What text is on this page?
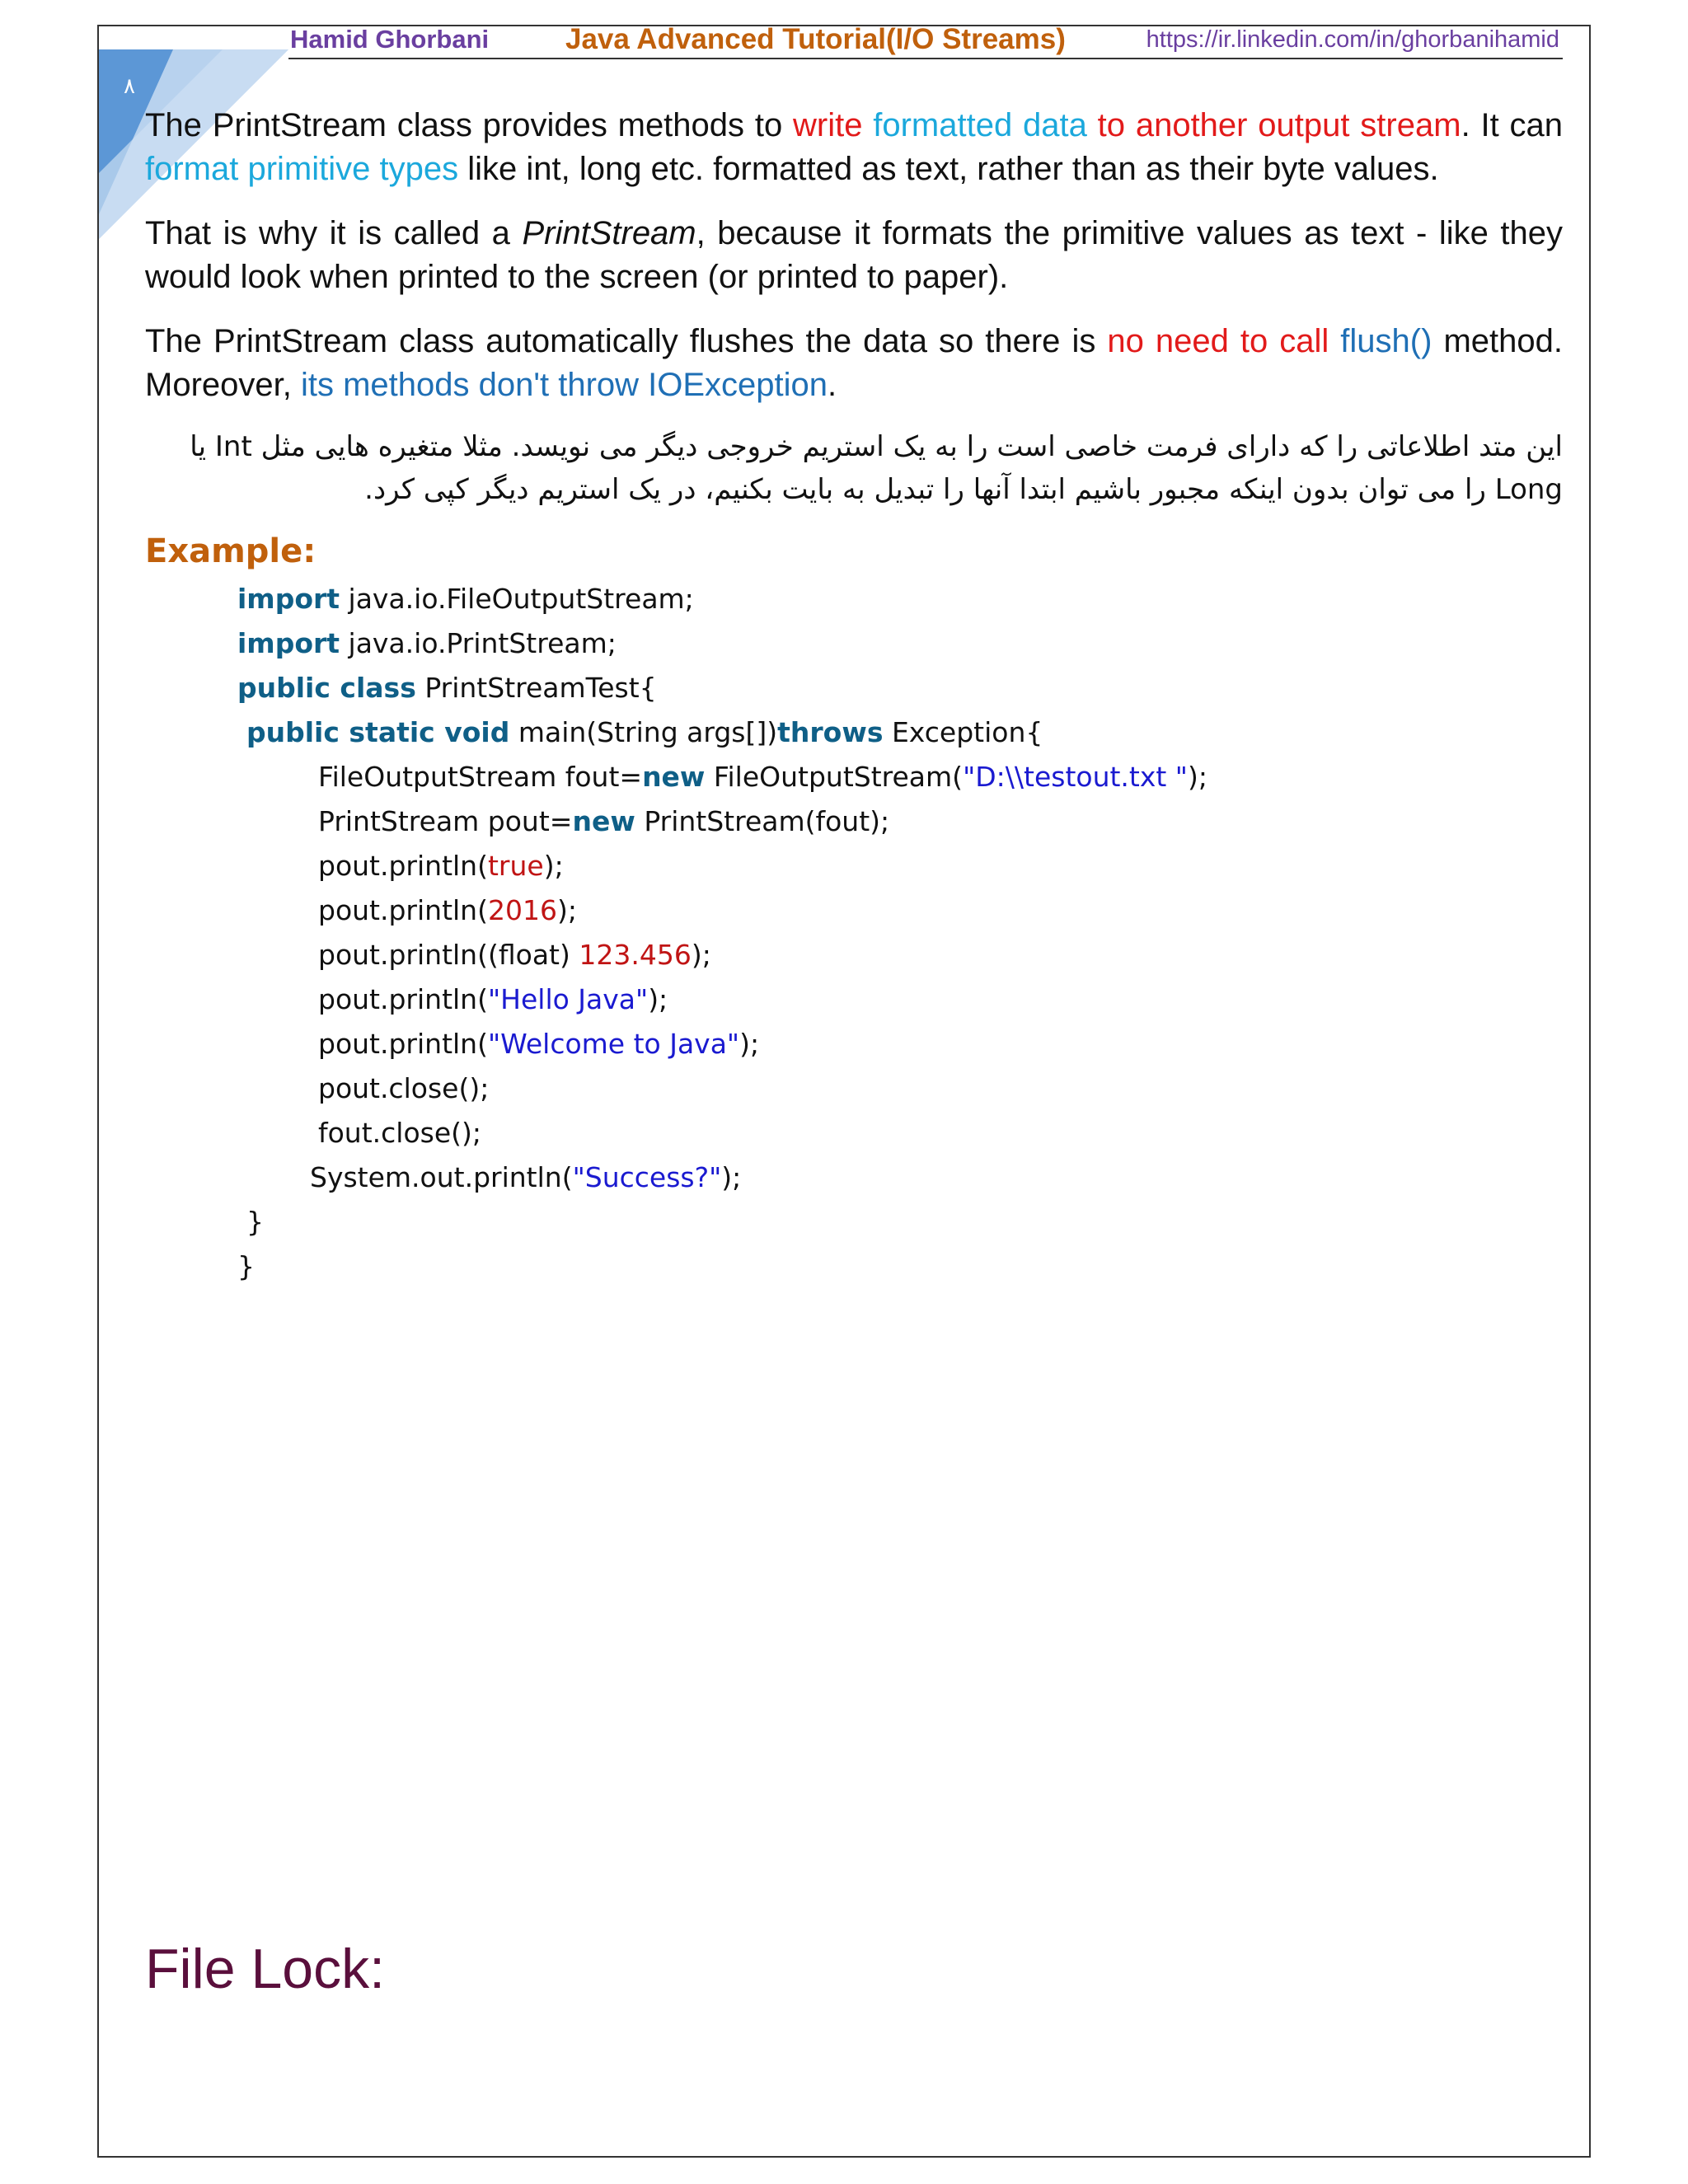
٨
Hamid Ghorbani	Java Advanced Tutorial(I/O Streams)	https://ir.linkedin.com/in/ghorbanihamid
The PrintStream class provides methods to write formatted data to another output stream. It can format primitive types like int, long etc. formatted as text, rather than as their byte values.
That is why it is called a PrintStream, because it formats the primitive values as text - like they would look when printed to the screen (or printed to paper).
The PrintStream class automatically flushes the data so there is no need to call flush() method. Moreover, its methods don't throw IOException.
این متد اطلاعاتی را که دارای فرمت خاصی است را به یک استریم خروجی دیگر می نویسد. مثلا متغیره هایی مثل Int یا Long را می توان بدون اینکه مجبور باشیم ابتدا آنها را تبدیل به بایت بکنیم، در یک استریم دیگر کپی کرد.
Example:
import java.io.FileOutputStream;
import java.io.PrintStream;
public class PrintStreamTest{
public static void main(String args[])throws Exception{
FileOutputStream fout=new FileOutputStream("D:\\testout.txt ");
PrintStream pout=new PrintStream(fout);
pout.println(true);
pout.println(2016);
pout.println((float) 123.456);
pout.println("Hello Java");
pout.println("Welcome to Java");
pout.close();
fout.close();
System.out.println("Success?");
}
}
File Lock:
